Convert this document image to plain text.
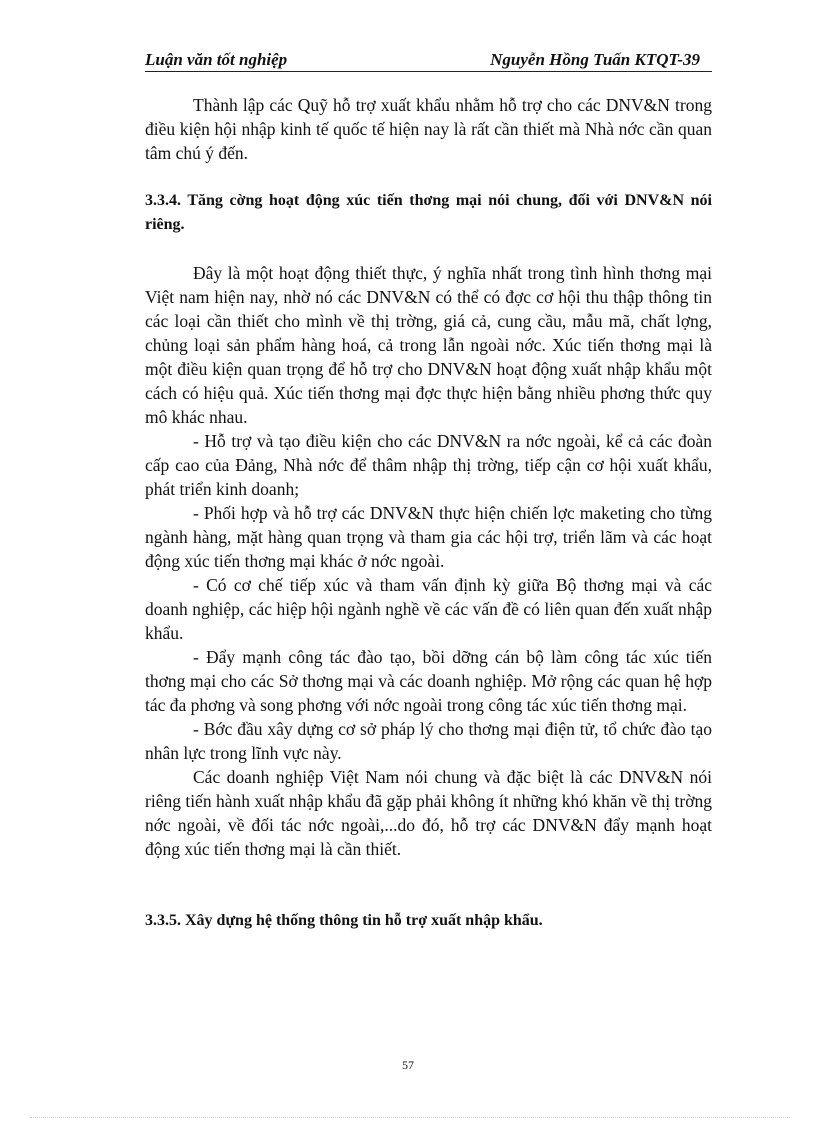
Luận văn tốt nghiệp	Nguyễn Hồng Tuấn KTQT-39

Thành lập các Quỹ hỗ trợ xuất khẩu nhằm hỗ trợ cho các DNV&N trong điều kiện hội nhập kinh tế quốc tế hiện nay là rất cần thiết mà Nhà nớc cần quan tâm chú ý đến.

3.3.4. Tăng cờng hoạt động xúc tiến thơng mại nói chung, đối với DNV&N nói riêng.

Đây là một hoạt động thiết thực, ý nghĩa nhất trong tình hình thơng mại Việt nam hiện nay, nhờ nó các DNV&N có thể có đợc cơ hội thu thập thông tin các loại cần thiết cho mình về thị trờng, giá cả, cung cầu, mẫu mã, chất lợng, chủng loại sản phẩm hàng hoá, cả trong lẫn ngoài nớc. Xúc tiến thơng mại là một điều kiện quan trọng để hỗ trợ cho DNV&N hoạt động xuất nhập khẩu một cách có hiệu quả. Xúc tiến thơng mại đợc thực hiện bằng nhiều phơng thức quy mô khác nhau.

- Hỗ trợ và tạo điều kiện cho các DNV&N ra nớc ngoài, kể cả các đoàn cấp cao của Đảng, Nhà nớc để thâm nhập thị trờng, tiếp cận cơ hội xuất khẩu, phát triển kinh doanh;

- Phối hợp và hỗ trợ các DNV&N thực hiện chiến lợc maketing cho từng ngành hàng, mặt hàng quan trọng và tham gia các hội trợ, triển lãm và các hoạt động xúc tiến thơng mại khác ở nớc ngoài.

- Có cơ chế tiếp xúc và tham vấn định kỳ giữa Bộ thơng mại và các doanh nghiệp, các hiệp hội ngành nghề về các vấn đề có liên quan đến xuất nhập khẩu.

- Đẩy mạnh công tác đào tạo, bồi dỡng cán bộ làm công tác xúc tiến thơng mại cho các Sở thơng mại và các doanh nghiệp. Mở rộng các quan hệ hợp tác đa phơng và song phơng với nớc ngoài trong công tác xúc tiến thơng mại.

- Bớc đầu xây dựng cơ sở pháp lý cho thơng mại điện tử, tổ chức đào tạo nhân lực trong lĩnh vực này.

Các doanh nghiệp Việt Nam nói chung và đặc biệt là các DNV&N nói riêng tiến hành xuất nhập khẩu đã gặp phải không ít những khó khăn về thị trờng nớc ngoài, về đối tác nớc ngoài,...do đó, hỗ trợ các DNV&N đẩy mạnh hoạt động xúc tiến thơng mại là cần thiết.

3.3.5. Xây dựng hệ thống thông tin hỗ trợ xuất nhập khẩu.

57
